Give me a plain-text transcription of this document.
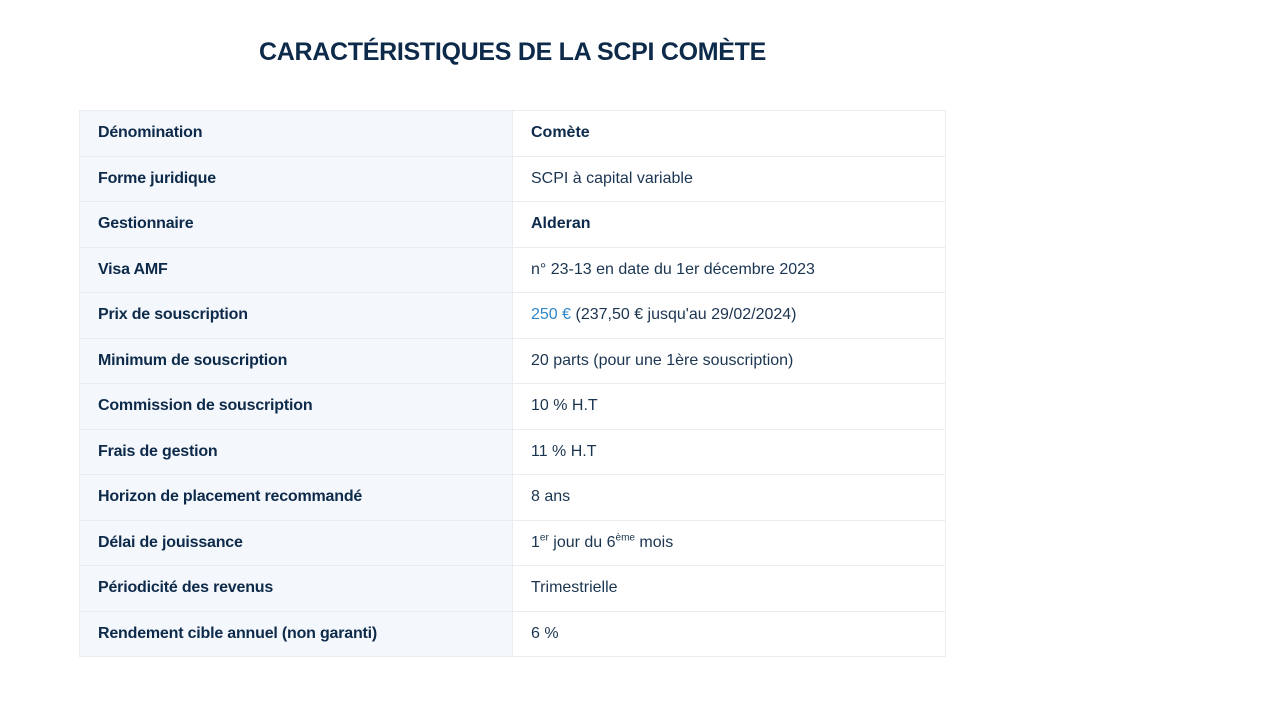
CARACTÉRISTIQUES DE LA SCPI COMÈTE
Dénomination	Comète
Forme juridique	SCPI à capital variable
Gestionnaire	Alderan
Visa AMF	n° 23-13 en date du 1er décembre 2023
Prix de souscription	250 € (237,50 € jusqu'au 29/02/2024)
Minimum de souscription	20 parts (pour une 1ère souscription)
Commission de souscription	10 % H.T
Frais de gestion	11 % H.T
Horizon de placement recommandé	8 ans
Délai de jouissance	1er jour du 6ème mois
Périodicité des revenus	Trimestrielle
Rendement cible annuel (non garanti)	6 %
